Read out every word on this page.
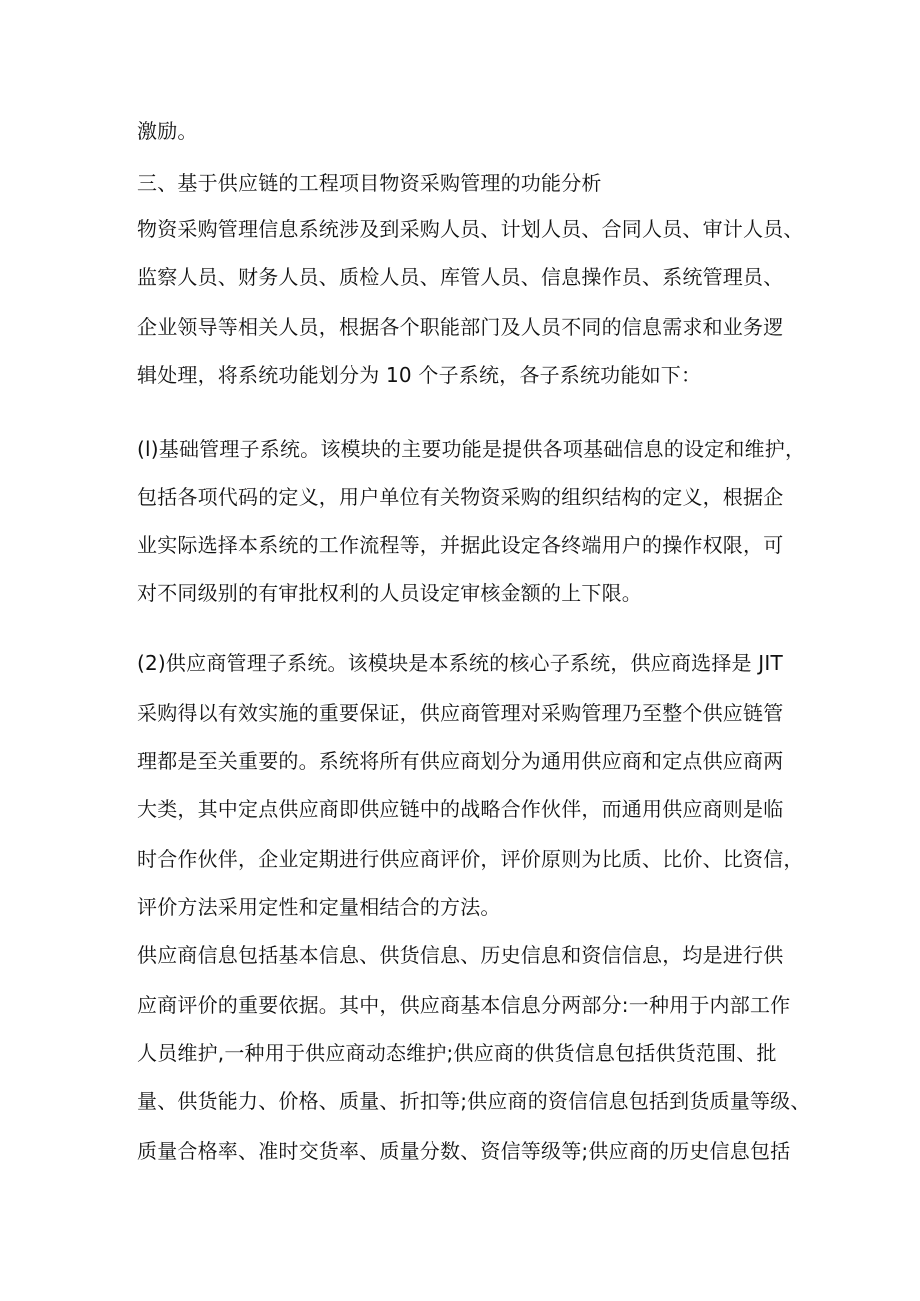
激励。
三、基于供应链的工程项目物资采购管理的功能分析
物资采购管理信息系统涉及到采购人员、计划人员、合同人员、审计人员、
监察人员、财务人员、质检人员、库管人员、信息操作员、系统管理员、
企业领导等相关人员，根据各个职能部门及人员不同的信息需求和业务逻
辑处理，将系统功能划分为 10 个子系统，各子系统功能如下：
(l)基础管理子系统。该模块的主要功能是提供各项基础信息的设定和维护，
包括各项代码的定义，用户单位有关物资采购的组织结构的定义，根据企
业实际选择本系统的工作流程等，并据此设定各终端用户的操作权限，可
对不同级别的有审批权利的人员设定审核金额的上下限。
(2)供应商管理子系统。该模块是本系统的核心子系统，供应商选择是 JIT
采购得以有效实施的重要保证，供应商管理对采购管理乃至整个供应链管
理都是至关重要的。系统将所有供应商划分为通用供应商和定点供应商两
大类，其中定点供应商即供应链中的战略合作伙伴，而通用供应商则是临
时合作伙伴，企业定期进行供应商评价，评价原则为比质、比价、比资信，
评价方法采用定性和定量相结合的方法。
供应商信息包括基本信息、供货信息、历史信息和资信信息，均是进行供
应商评价的重要依据。其中，供应商基本信息分两部分:一种用于内部工作
人员维护,一种用于供应商动态维护;供应商的供货信息包括供货范围、批
量、供货能力、价格、质量、折扣等;供应商的资信信息包括到货质量等级、
质量合格率、准时交货率、质量分数、资信等级等;供应商的历史信息包括
